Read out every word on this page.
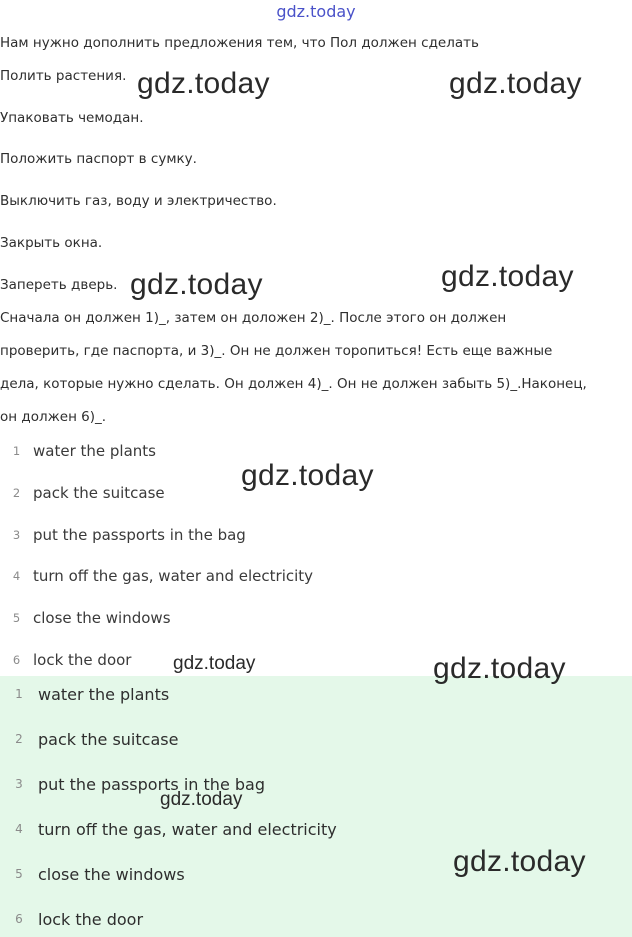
gdz.today
Нам нужно дополнить предложения тем, что Пол должен сделать
Полить растения.
Упаковать чемодан.
Положить паспорт в сумку.
Выключить газ, воду и электричество.
Закрыть окна.
Запереть дверь.
Сначала он должен 1)_, затем он доложен 2)_. После этого он должен
проверить, где паспорта, и 3)_. Он не должен торопиться! Есть еще важные
дела, которые нужно сделать. Он должен 4)_. Он не должен забыть 5)_.Наконец,
он должен 6)_.
1 water the plants
2 pack the suitcase
3 put the passports in the bag
4 turn off the gas, water and electricity
5 close the windows
6 lock the door
1 water the plants
2 pack the suitcase
3 put the passports in the bag
4 turn off the gas, water and electricity
5 close the windows
6 lock the door
gdz.today	gdz.today
gdz.today	gdz.today
gdz.today
gdz.today	gdz.today
gdz.today
gdz.today
